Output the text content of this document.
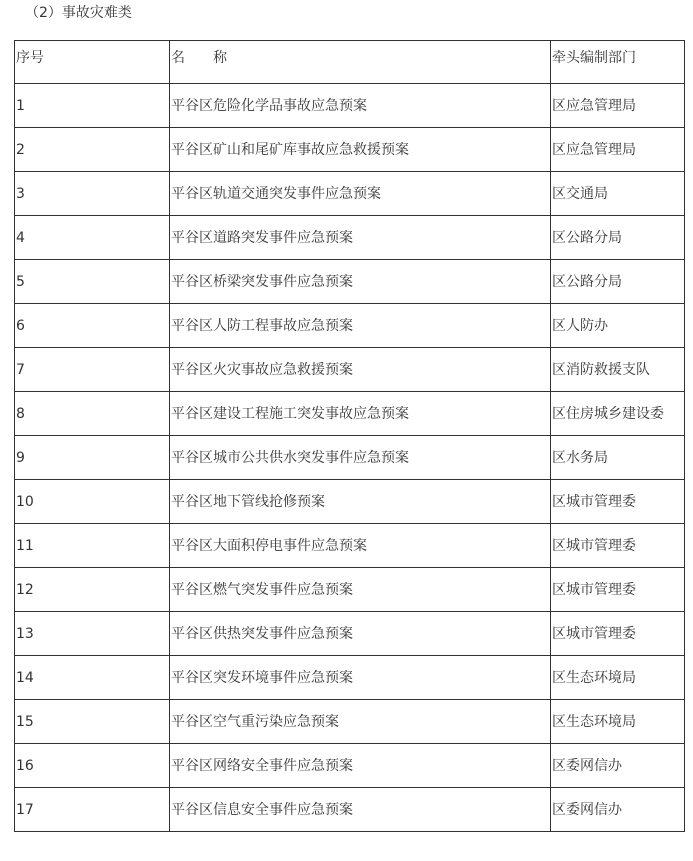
（2）事故灾难类
序号	名　　称	牵头编制部门
1	平谷区危险化学品事故应急预案	区应急管理局
2	平谷区矿山和尾矿库事故应急救援预案	区应急管理局
3	平谷区轨道交通突发事件应急预案	区交通局
4	平谷区道路突发事件应急预案	区公路分局
5	平谷区桥梁突发事件应急预案	区公路分局
6	平谷区人防工程事故应急预案	区人防办
7	平谷区火灾事故应急救援预案	区消防救援支队
8	平谷区建设工程施工突发事故应急预案	区住房城乡建设委
9	平谷区城市公共供水突发事件应急预案	区水务局
10	平谷区地下管线抢修预案	区城市管理委
11	平谷区大面积停电事件应急预案	区城市管理委
12	平谷区燃气突发事件应急预案	区城市管理委
13	平谷区供热突发事件应急预案	区城市管理委
14	平谷区突发环境事件应急预案	区生态环境局
15	平谷区空气重污染应急预案	区生态环境局
16	平谷区网络安全事件应急预案	区委网信办
17	平谷区信息安全事件应急预案	区委网信办
